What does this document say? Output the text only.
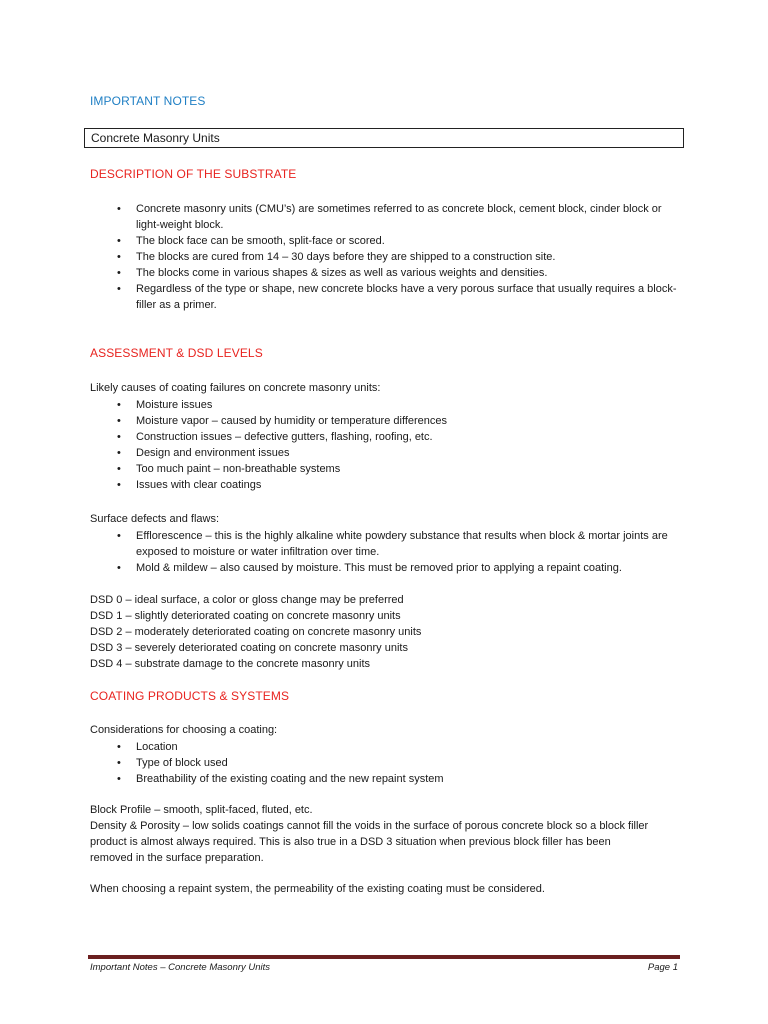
IMPORTANT NOTES
Concrete Masonry Units
DESCRIPTION OF THE SUBSTRATE
• Concrete masonry units (CMU’s) are sometimes referred to as concrete block, cement block, cinder block or light-weight block.
• The block face can be smooth, split-face or scored.
• The blocks are cured from 14 – 30 days before they are shipped to a construction site.
• The blocks come in various shapes & sizes as well as various weights and densities.
• Regardless of the type or shape, new concrete blocks have a very porous surface that usually requires a block-filler as a primer.
ASSESSMENT & DSD LEVELS
Likely causes of coating failures on concrete masonry units:
• Moisture issues
• Moisture vapor – caused by humidity or temperature differences
• Construction issues – defective gutters, flashing, roofing, etc.
• Design and environment issues
• Too much paint – non-breathable systems
• Issues with clear coatings
Surface defects and flaws:
• Efflorescence – this is the highly alkaline white powdery substance that results when block & mortar joints are exposed to moisture or water infiltration over time.
• Mold & mildew – also caused by moisture. This must be removed prior to applying a repaint coating.
DSD 0 – ideal surface, a color or gloss change may be preferred
DSD 1 – slightly deteriorated coating on concrete masonry units
DSD 2 – moderately deteriorated coating on concrete masonry units
DSD 3 – severely deteriorated coating on concrete masonry units
DSD 4 – substrate damage to the concrete masonry units
COATING PRODUCTS & SYSTEMS
Considerations for choosing a coating:
• Location
• Type of block used
• Breathability of the existing coating and the new repaint system
Block Profile – smooth, split-faced, fluted, etc.
Density & Porosity – low solids coatings cannot fill the voids in the surface of porous concrete block so a block filler
product is almost always required. This is also true in a DSD 3 situation when previous block filler has been
removed in the surface preparation.
When choosing a repaint system, the permeability of the existing coating must be considered.
Important Notes – Concrete Masonry Units	Page 1
